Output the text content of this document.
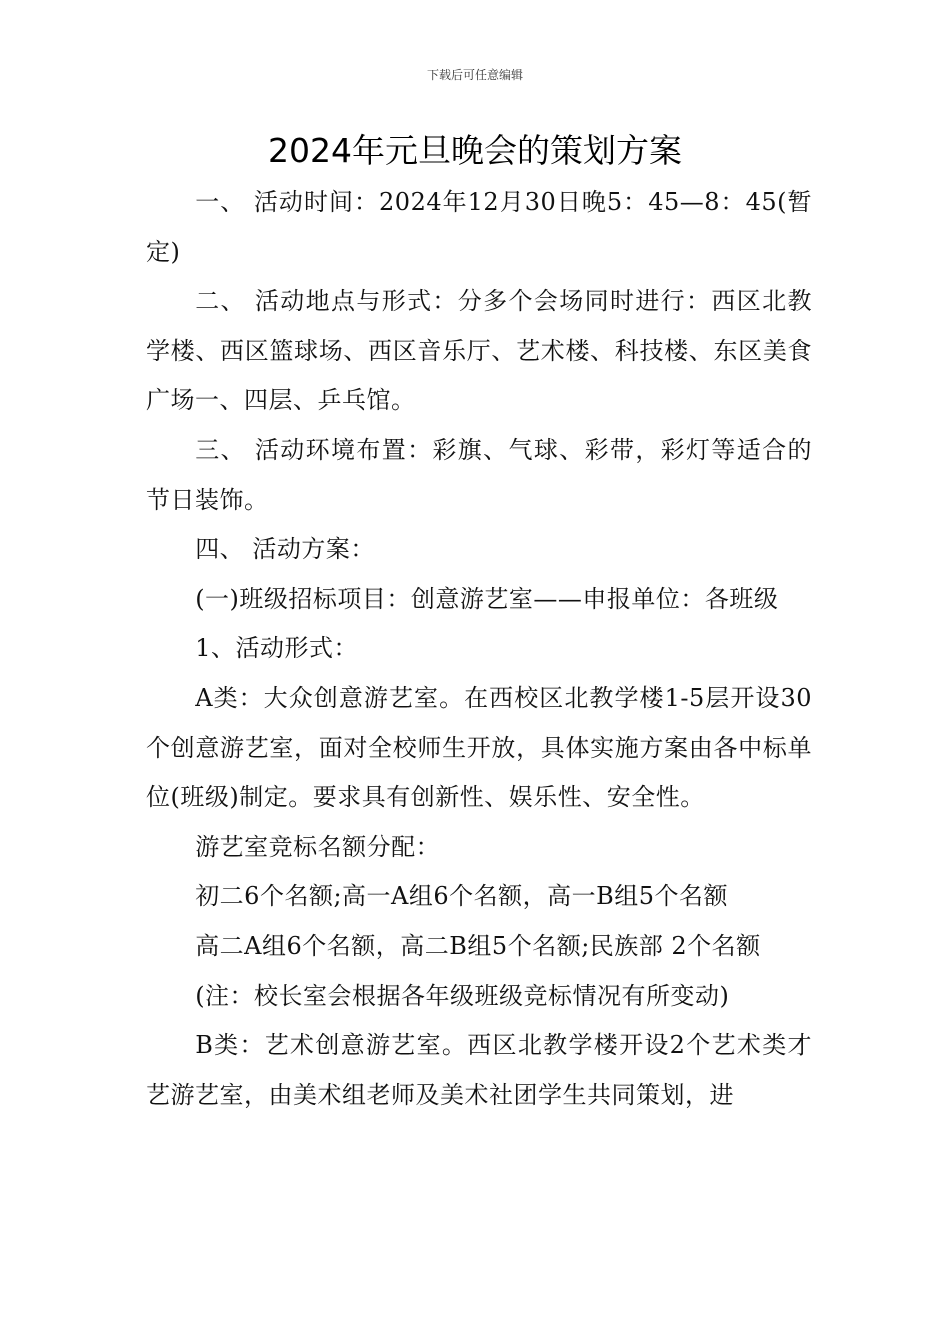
下载后可任意编辑
2024年元旦晚会的策划方案

一、 活动时间：2024年12月30日晚5：45—8：45(暂定)

二、 活动地点与形式：分多个会场同时进行：西区北教学楼、西区篮球场、西区音乐厅、艺术楼、科技楼、东区美食广场一、四层、乒乓馆。

三、 活动环境布置：彩旗、气球、彩带，彩灯等适合的节日装饰。

四、 活动方案：

(一)班级招标项目：创意游艺室——申报单位：各班级

1、活动形式：

A类：大众创意游艺室。在西校区北教学楼1-5层开设30个创意游艺室，面对全校师生开放，具体实施方案由各中标单位(班级)制定。要求具有创新性、娱乐性、安全性。

游艺室竞标名额分配：

初二6个名额;高一A组6个名额，高一B组5个名额

高二A组6个名额，高二B组5个名额;民族部 2个名额

(注：校长室会根据各年级班级竞标情况有所变动)

B类：艺术创意游艺室。西区北教学楼开设2个艺术类才艺游艺室，由美术组老师及美术社团学生共同策划，进
